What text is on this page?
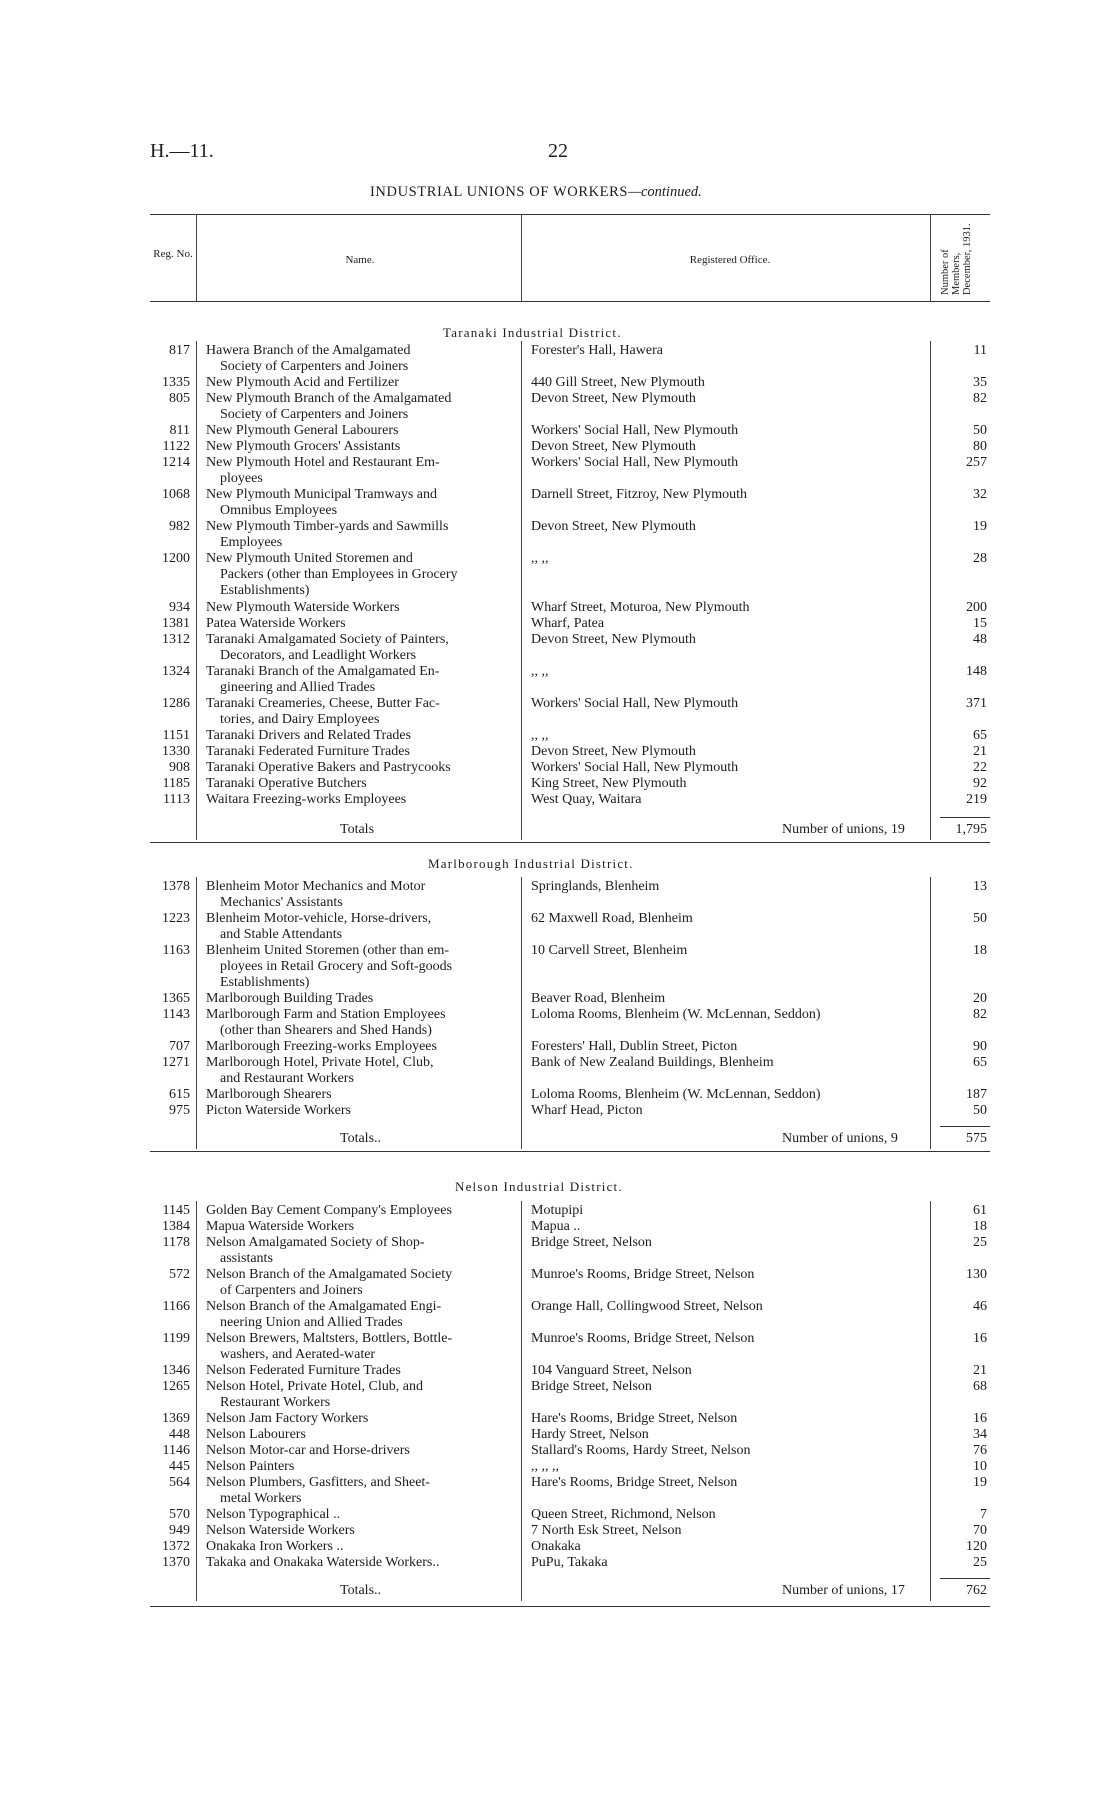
H.—11.	22
INDUSTRIAL UNIONS OF WORKERS—continued.
Reg. No.	Name.	Registered Office.	Number of Members, December, 1931.
Taranaki Industrial District.
817 Hawera Branch of the Amalgamated
Society of Carpenters and Joiners
Forester's Hall, Hawera	11
1335 New Plymouth Acid and Fertilizer	440 Gill Street, New Plymouth	35
805 New Plymouth Branch of the Amalgamated
Society of Carpenters and Joiners
Devon Street, New Plymouth	82
811 New Plymouth General Labourers	Workers' Social Hall, New Plymouth	50
1122 New Plymouth Grocers' Assistants	Devon Street, New Plymouth	80
1214 New Plymouth Hotel and Restaurant Em-
ployees
Workers' Social Hall, New Plymouth	257
1068 New Plymouth Municipal Tramways and
Omnibus Employees
Darnell Street, Fitzroy, New Plymouth	32
982 New Plymouth Timber-yards and Sawmills
Employees
Devon Street, New Plymouth	19
1200 New Plymouth United Storemen and
Packers (other than Employees in Grocery
Establishments)
,, ,,	28
934 New Plymouth Waterside Workers	Wharf Street, Moturoa, New Plymouth	200
1381 Patea Waterside Workers	Wharf, Patea	15
1312 Taranaki Amalgamated Society of Painters,
Decorators, and Leadlight Workers
Devon Street, New Plymouth	48
1324 Taranaki Branch of the Amalgamated En-
gineering and Allied Trades
,, ,,	148
1286 Taranaki Creameries, Cheese, Butter Fac-
tories, and Dairy Employees
Workers' Social Hall, New Plymouth	371
1151 Taranaki Drivers and Related Trades	,, ,,	65
1330 Taranaki Federated Furniture Trades	Devon Street, New Plymouth	21
908 Taranaki Operative Bakers and Pastrycooks	Workers' Social Hall, New Plymouth	22
1185 Taranaki Operative Butchers	King Street, New Plymouth	92
1113 Waitara Freezing-works Employees	West Quay, Waitara	219
Totals	Number of unions, 19	1,795
Marlborough Industrial District.
1378 Blenheim Motor Mechanics and Motor
Mechanics' Assistants
Springlands, Blenheim	13
1223 Blenheim Motor-vehicle, Horse-drivers,
and Stable Attendants
62 Maxwell Road, Blenheim	50
1163 Blenheim United Storemen (other than em-
ployees in Retail Grocery and Soft-goods
Establishments)
10 Carvell Street, Blenheim	18
1365 Marlborough Building Trades	Beaver Road, Blenheim	20
1143 Marlborough Farm and Station Employees
(other than Shearers and Shed Hands)
Loloma Rooms, Blenheim (W. McLennan, Seddon)	82
707 Marlborough Freezing-works Employees	Foresters' Hall, Dublin Street, Picton	90
1271 Marlborough Hotel, Private Hotel, Club,
and Restaurant Workers
Bank of New Zealand Buildings, Blenheim	65
615 Marlborough Shearers	Loloma Rooms, Blenheim (W. McLennan, Seddon)	187
975 Picton Waterside Workers	Wharf Head, Picton	50
Totals..	Number of unions, 9	575
Nelson Industrial District.
1145 Golden Bay Cement Company's Employees	Motupipi	61
1384 Mapua Waterside Workers	Mapua ..	18
1178 Nelson Amalgamated Society of Shop-
assistants
Bridge Street, Nelson	25
572 Nelson Branch of the Amalgamated Society
of Carpenters and Joiners
Munroe's Rooms, Bridge Street, Nelson	130
1166 Nelson Branch of the Amalgamated Engi-
neering Union and Allied Trades
Orange Hall, Collingwood Street, Nelson	46
1199 Nelson Brewers, Maltsters, Bottlers, Bottle-
washers, and Aerated-water
Munroe's Rooms, Bridge Street, Nelson	16
1346 Nelson Federated Furniture Trades	104 Vanguard Street, Nelson	21
1265 Nelson Hotel, Private Hotel, Club, and
Restaurant Workers
Bridge Street, Nelson	68
1369 Nelson Jam Factory Workers	Hare's Rooms, Bridge Street, Nelson	16
448 Nelson Labourers	Hardy Street, Nelson	34
1146 Nelson Motor-car and Horse-drivers	Stallard's Rooms, Hardy Street, Nelson	76
445 Nelson Painters	,, ,, ,,	10
564 Nelson Plumbers, Gasfitters, and Sheet-
metal Workers
Hare's Rooms, Bridge Street, Nelson	19
570 Nelson Typographical ..	Queen Street, Richmond, Nelson	7
949 Nelson Waterside Workers	7 North Esk Street, Nelson	70
1372 Onakaka Iron Workers ..	Onakaka	120
1370 Takaka and Onakaka Waterside Workers..	PuPu, Takaka	25
Totals..	Number of unions, 17	762
